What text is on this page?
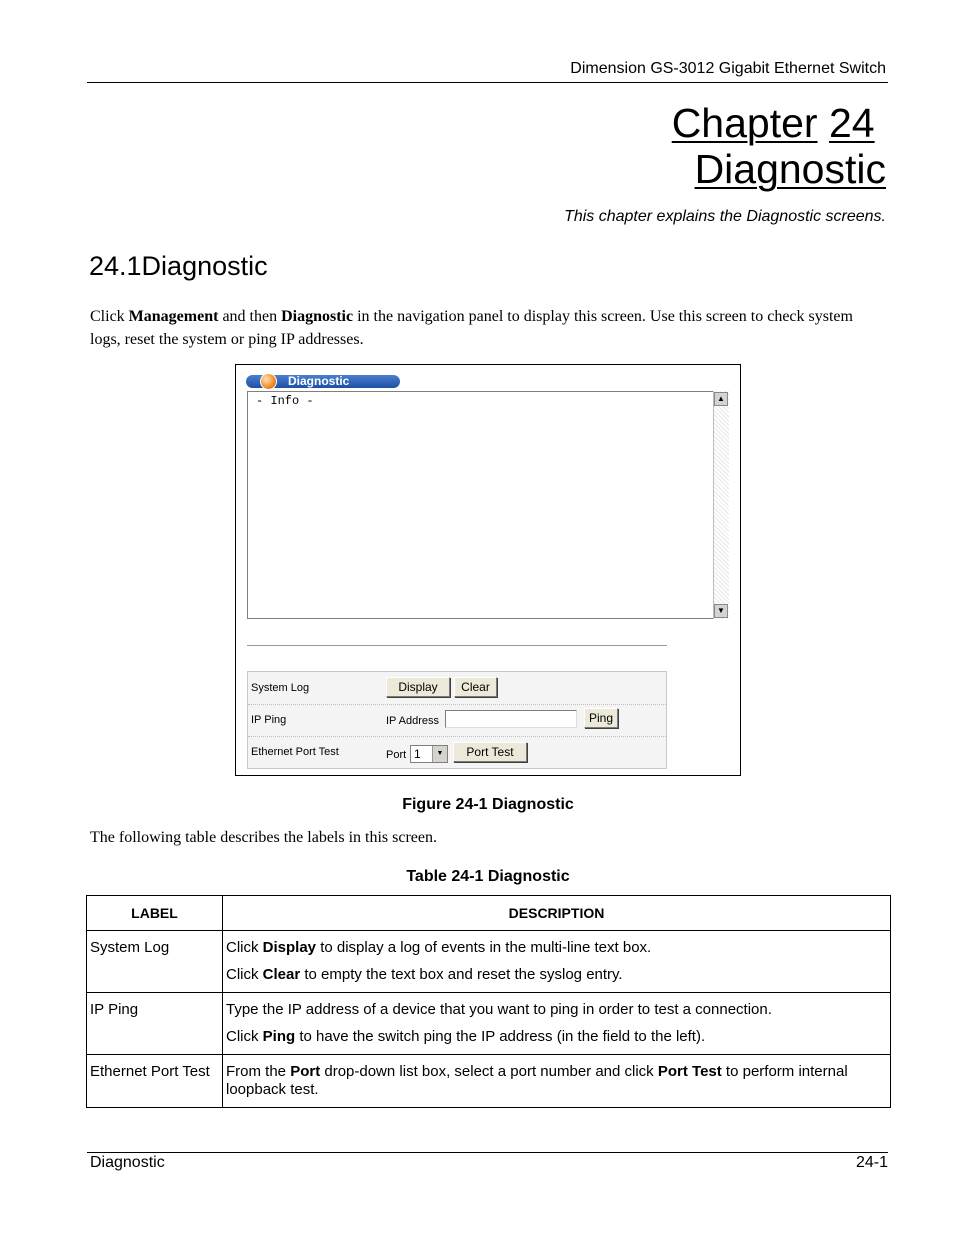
Dimension GS-3012 Gigabit Ethernet Switch
Chapter 24
Diagnostic
This chapter explains the Diagnostic screens.
24.1Diagnostic
Click Management and then Diagnostic in the navigation panel to display this screen. Use this screen to check system logs, reset the system or ping IP addresses.
Diagnostic
- Info -	▲
▼
System Log	Display	Clear
IP Ping	IP Address	Ping
Ethernet Port Test	Port 1	▼	Port Test
Figure 24-1 Diagnostic
The following table describes the labels in this screen.
Table 24-1 Diagnostic
LABEL	DESCRIPTION
System Log	Click Display to display a log of events in the multi-line text box.

Click Clear to empty the text box and reset the syslog entry.

IP Ping	Type the IP address of a device that you want to ping in order to test a connection.

Click Ping to have the switch ping the IP address (in the field to the left).

Ethernet Port Test	From the Port drop-down list box, select a port number and click Port Test to perform internal loopback test.

Diagnostic	24-1
